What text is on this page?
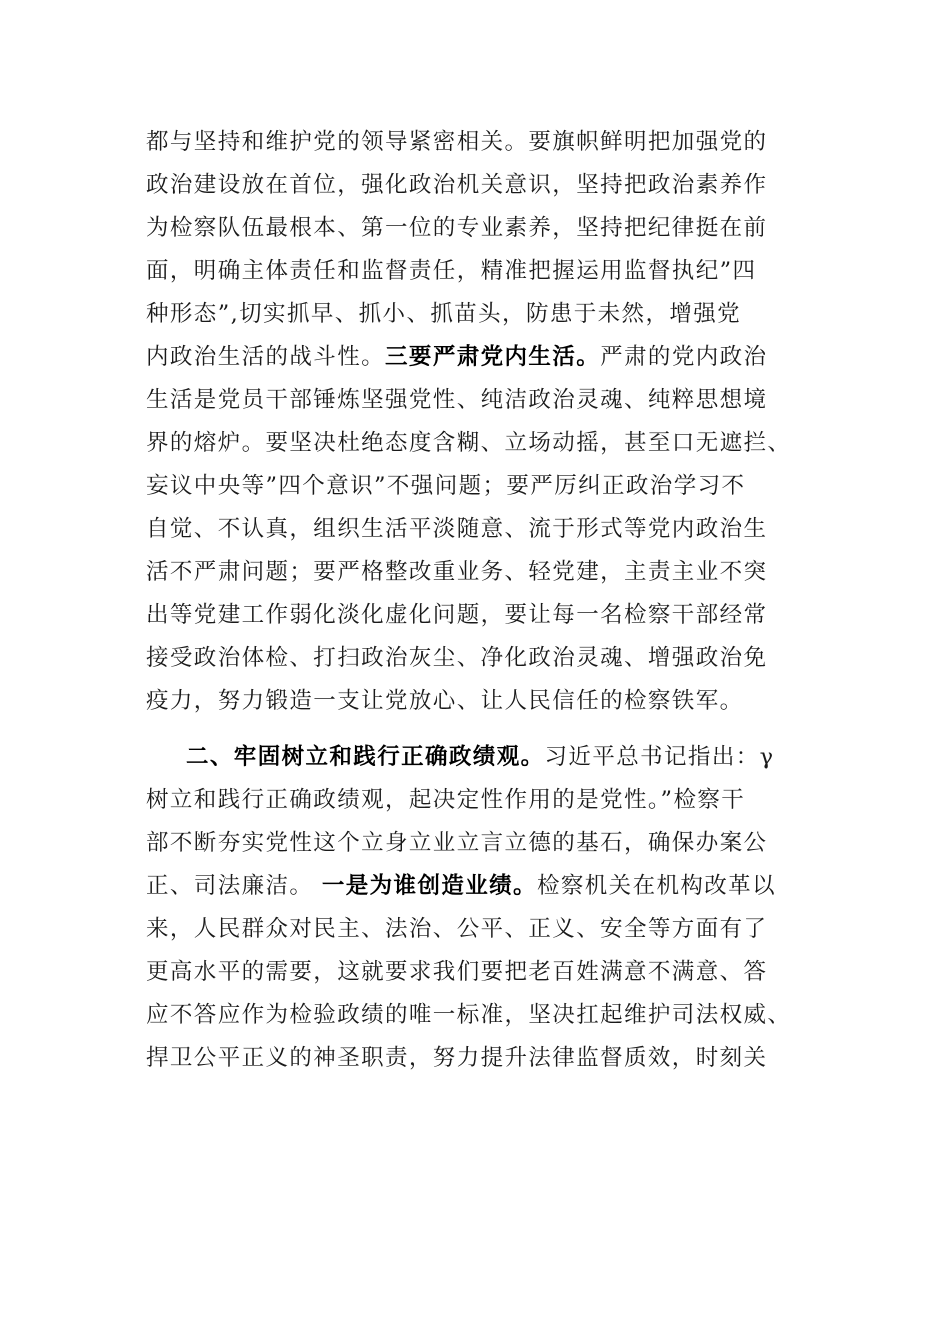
都与坚持和维护党的领导紧密相关。要旗帜鲜明把加强党的
政治建设放在首位，强化政治机关意识，坚持把政治素养作
为检察队伍最根本、第一位的专业素养，坚持把纪律挺在前
面，明确主体责任和监督责任，精准把握运用监督执纪”四
种形态”,切实抓早、抓小、抓苗头，防患于未然，增强党
内政治生活的战斗性。三要严肃党内生活。严肃的党内政治
生活是党员干部锤炼坚强党性、纯洁政治灵魂、纯粹思想境
界的熔炉。要坚决杜绝态度含糊、立场动摇，甚至口无遮拦、
妄议中央等”四个意识”不强问题；要严厉纠正政治学习不
自觉、不认真，组织生活平淡随意、流于形式等党内政治生
活不严肃问题；要严格整改重业务、轻党建，主责主业不突
出等党建工作弱化淡化虚化问题，要让每一名检察干部经常
接受政治体检、打扫政治灰尘、净化政治灵魂、增强政治免
疫力，努力锻造一支让党放心、让人民信任的检察铁军。
二、牢固树立和践行正确政绩观。习近平总书记指出：γ
树立和践行正确政绩观，起决定性作用的是党性。”检察干
部不断夯实党性这个立身立业立言立德的基石，确保办案公
正、司法廉洁。 一是为谁创造业绩。检察机关在机构改革以
来，人民群众对民主、法治、公平、正义、安全等方面有了
更高水平的需要，这就要求我们要把老百姓满意不满意、答
应不答应作为检验政绩的唯一标准，坚决扛起维护司法权威、
捍卫公平正义的神圣职责，努力提升法律监督质效，时刻关
